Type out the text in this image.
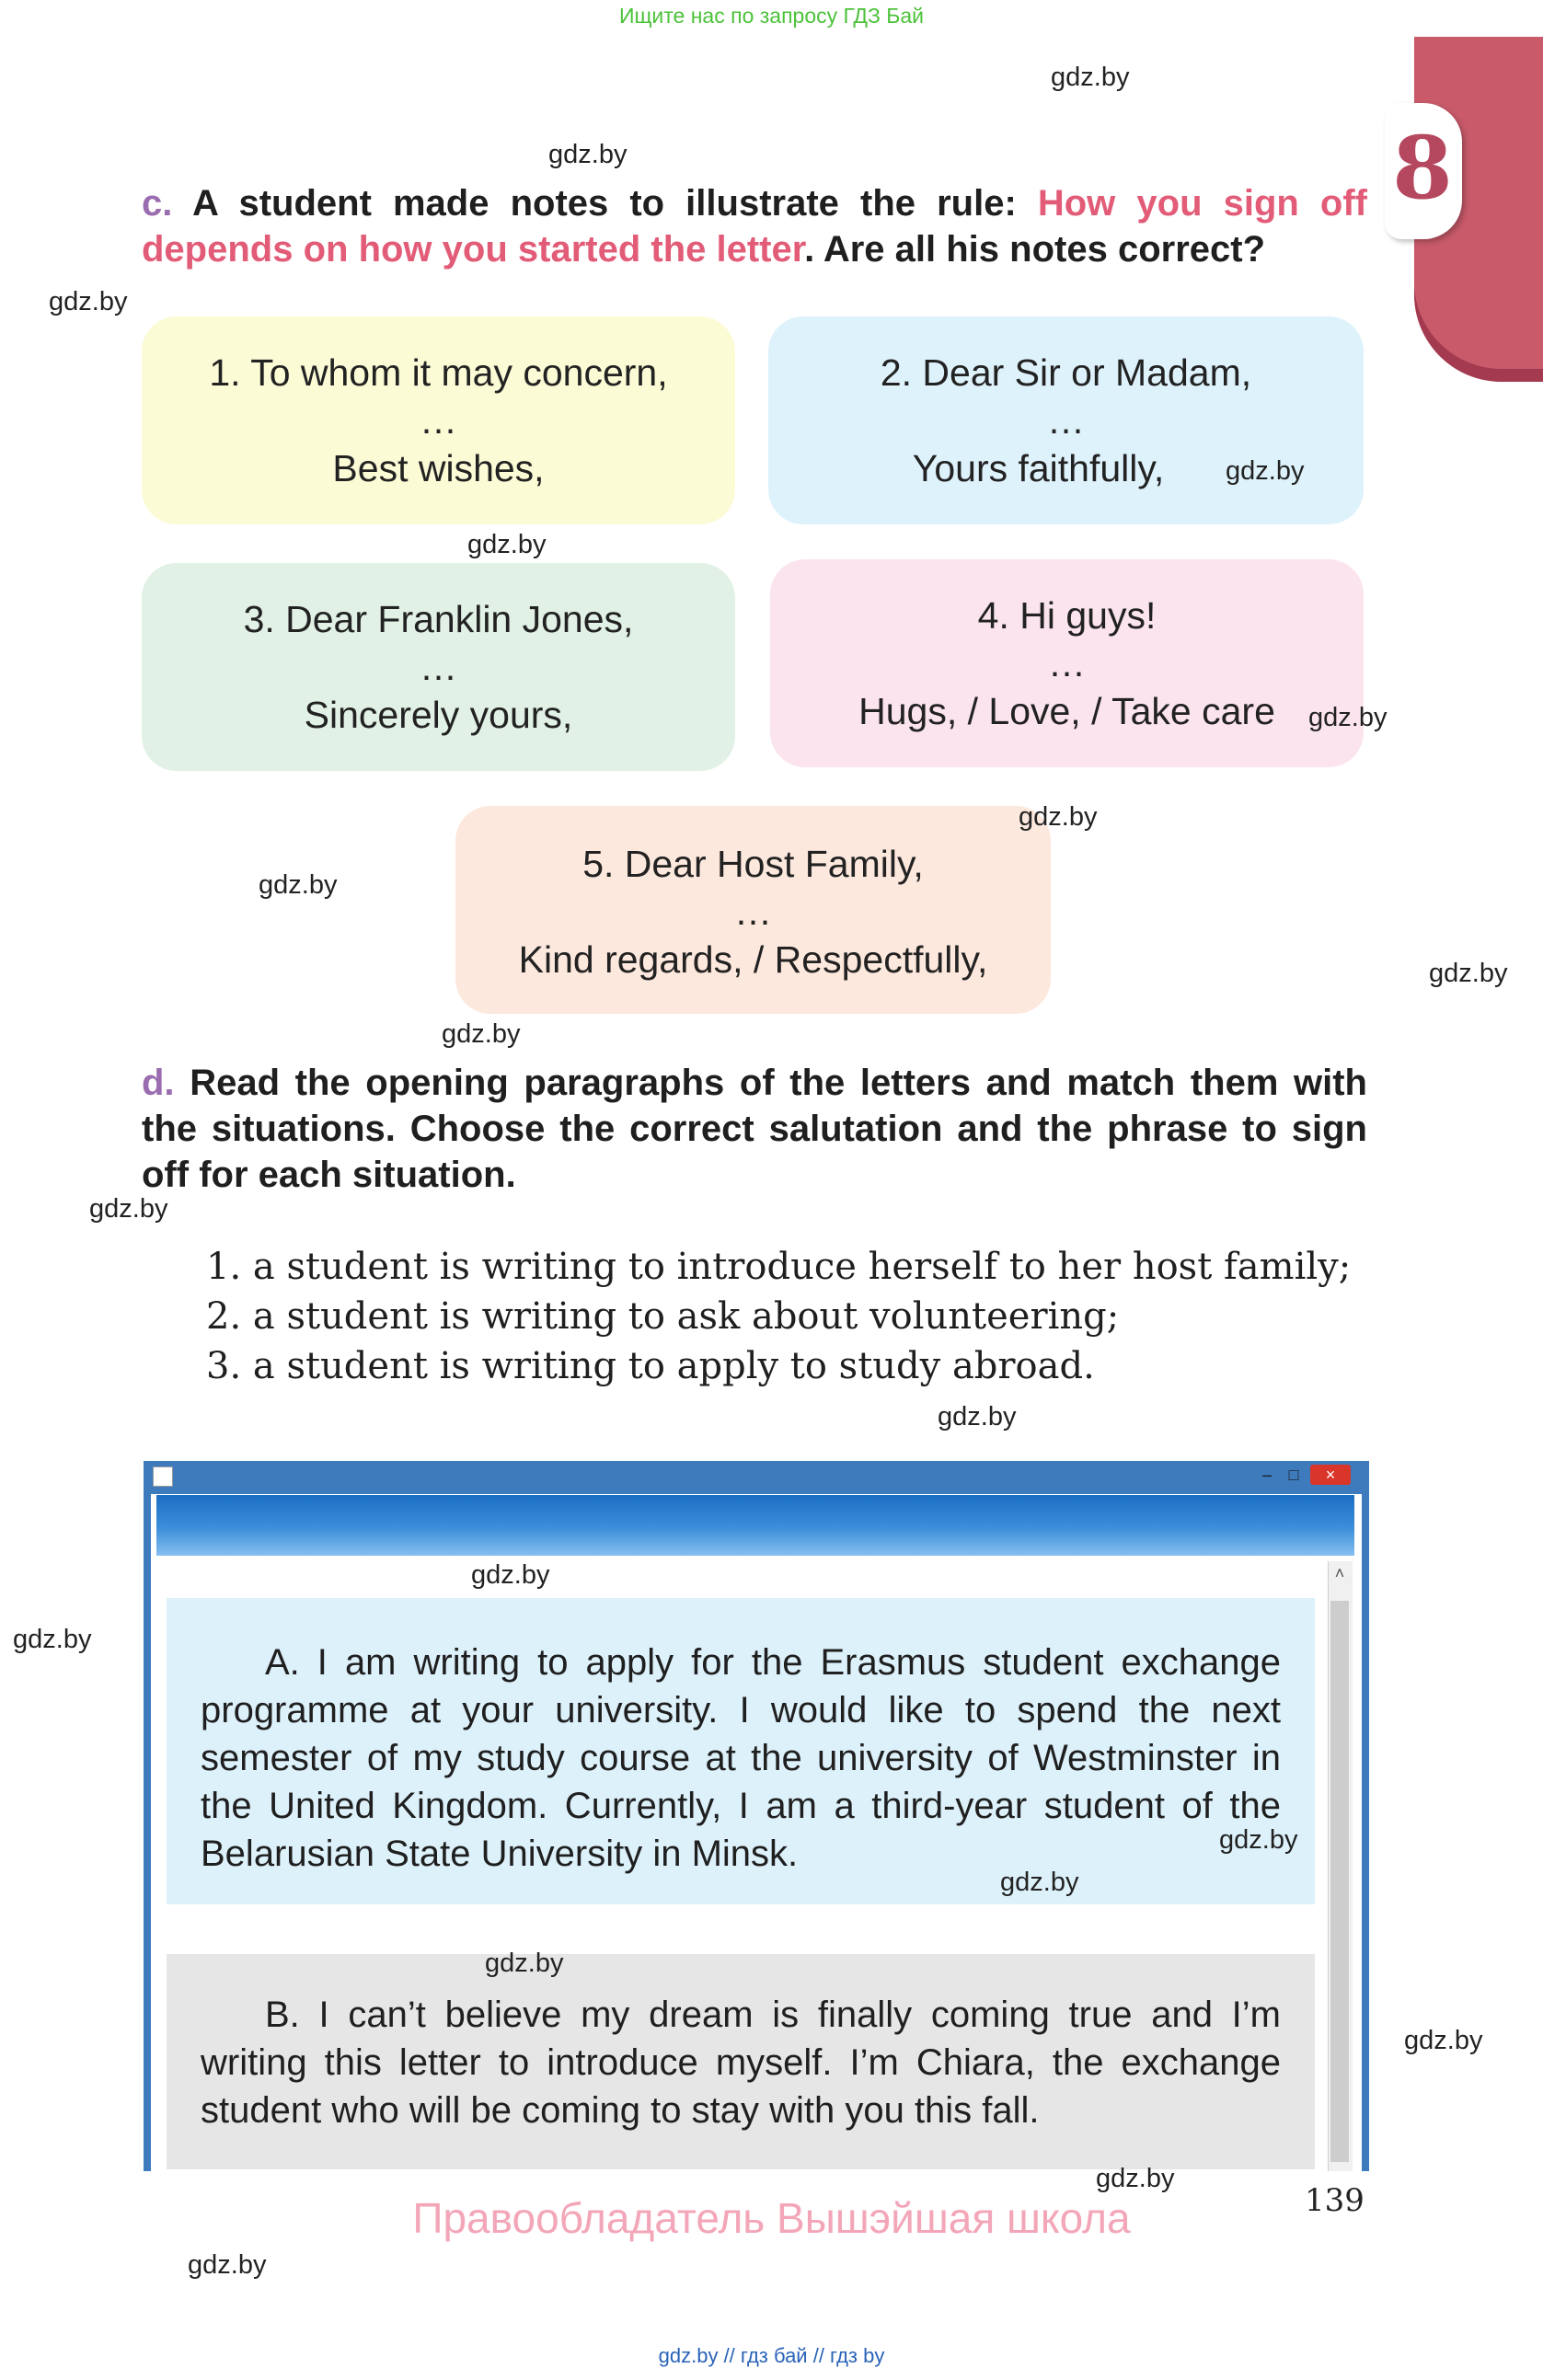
Ищите нас по запросу ГДЗ Бай
8
c. A student made notes to illustrate the rule: How you sign off depends on how you started the letter. Are all his notes correct?
1. To whom it may concern,
…
Best wishes,
2. Dear Sir or Madam,
…
Yours faithfully,
3. Dear Franklin Jones,
…
Sincerely yours,
4. Hi guys!
…
Hugs, / Love, / Take care
5. Dear Host Family,
…
Kind regards, / Respectfully,
d. Read the opening paragraphs of the letters and match them with the situations. Choose the correct salutation and the phrase to sign off for each situation.
1. a student is writing to introduce herself to her host family;
2. a student is writing to ask about volunteering;
3. a student is writing to apply to study abroad.
–	□	×
˄
A. I am writing to apply for the Erasmus student exchange programme at your university. I would like to spend the next semester of my study course at the university of Westminster in the United Kingdom. Currently, I am a third-year student of the Belarusian State University in Minsk.
B. I can’t believe my dream is finally coming true and I’m writing this letter to introduce myself. I’m Chiara, the exchange student who will be coming to stay with you this fall.
139
Правообладатель Вышэйшая школа
gdz.by // гдз бай // гдз by
gdz.by
gdz.by
gdz.by
gdz.by
gdz.by
gdz.by
gdz.by
gdz.by
gdz.by
gdz.by
gdz.by
gdz.by
gdz.by
gdz.by
gdz.by
gdz.by
gdz.by
gdz.by
gdz.by
gdz.by
